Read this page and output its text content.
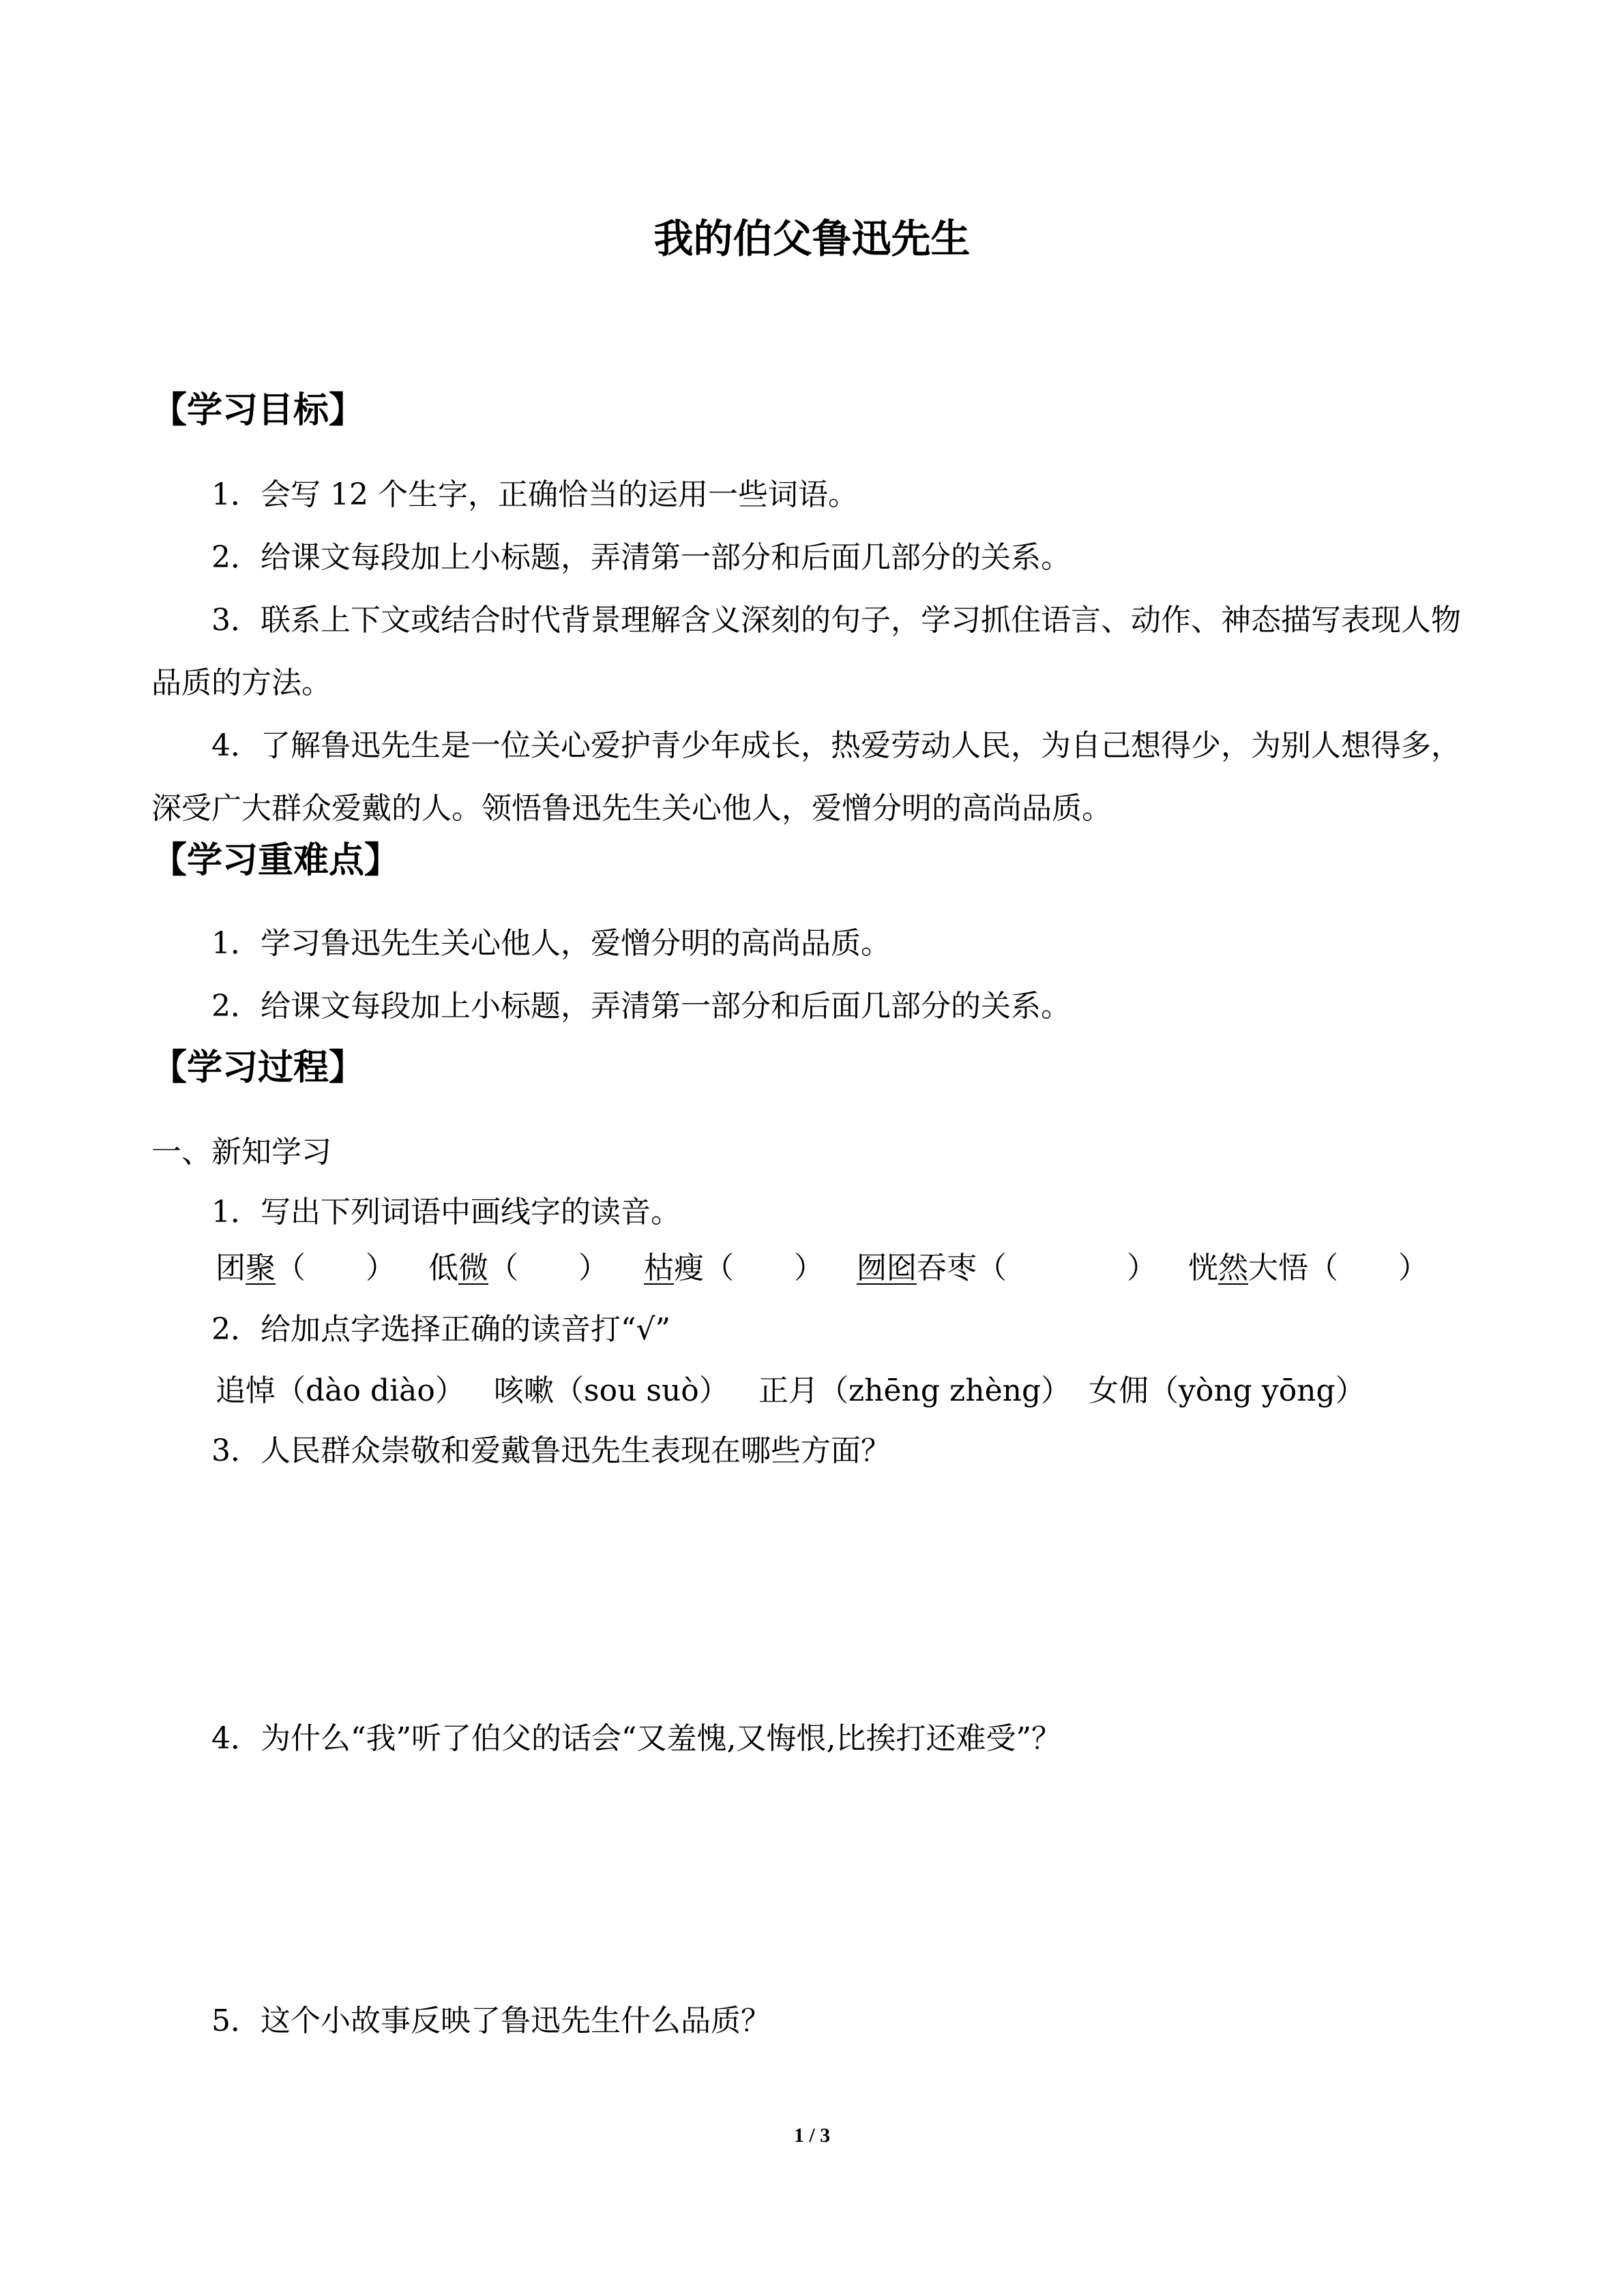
我的伯父鲁迅先生
【学习目标】

1．会写 12 个生字，正确恰当的运用一些词语。

2．给课文每段加上小标题，弄清第一部分和后面几部分的关系。

3．联系上下文或结合时代背景理解含义深刻的句子，学习抓住语言、动作、神态描写表现人物品质的方法。

4．了解鲁迅先生是一位关心爱护青少年成长，热爱劳动人民，为自己想得少，为别人想得多，深受广大群众爱戴的人。领悟鲁迅先生关心他人，爱憎分明的高尚品质。

【学习重难点】

1．学习鲁迅先生关心他人，爱憎分明的高尚品质。

2．给课文每段加上小标题，弄清第一部分和后面几部分的关系。

【学习过程】
一、新知学习
1．写出下列词语中画线字的读音。
团聚（　　） 低微（　　） 枯瘦（　　） 囫囵吞枣（　　　　） 恍然大悟（　　）
2．给加点字选择正确的读音打“√”
追悼（dào diào） 咳嗽（sou suò） 正月（zhēng zhèng） 女佣（yòng yōng）
3．人民群众崇敬和爱戴鲁迅先生表现在哪些方面？
4．为什么“我”听了伯父的话会“又羞愧,又悔恨,比挨打还难受”？
5．这个小故事反映了鲁迅先生什么品质？
1 / 3
